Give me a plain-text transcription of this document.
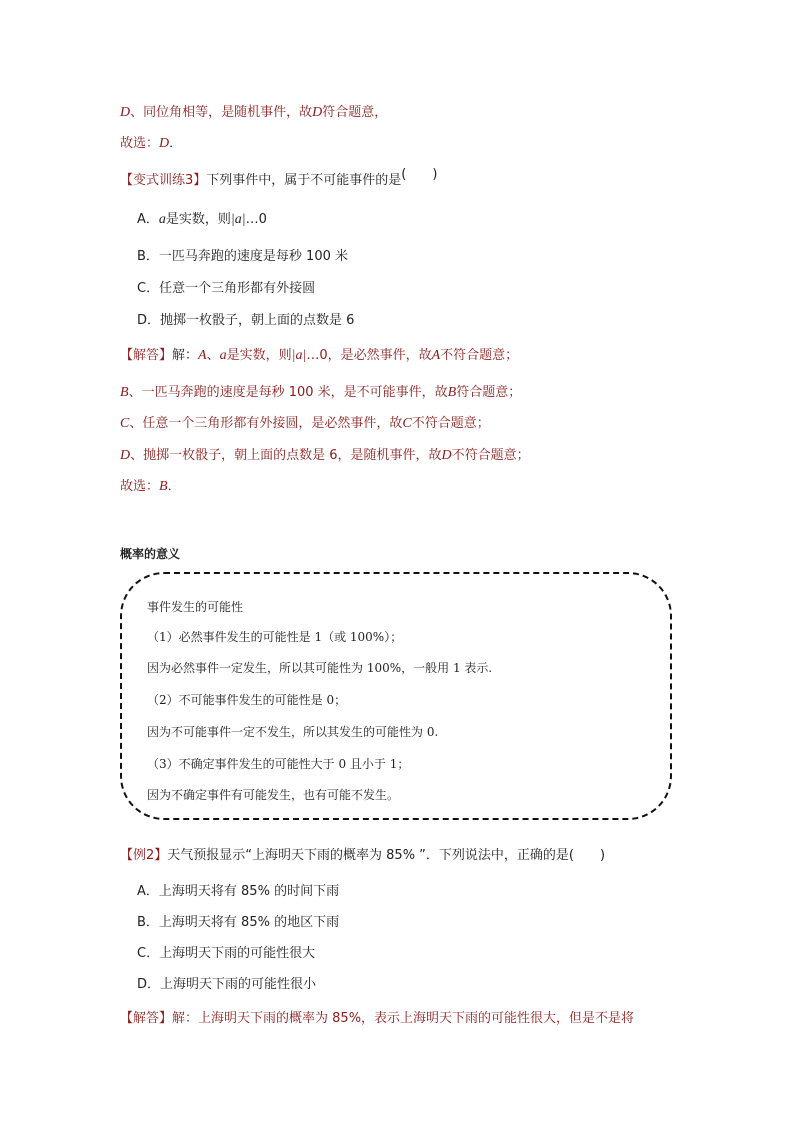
D、同位角相等，是随机事件，故D符合题意，
故选：D．
【变式训练3】下列事件中，属于不可能事件的是(　　)
A．a是实数，则|a|…0
B．一匹马奔跑的速度是每秒 100 米
C．任意一个三角形都有外接圆
D．抛掷一枚骰子，朝上面的点数是 6
【解答】解：A、a是实数，则|a|…0，是必然事件，故A不符合题意；
B、一匹马奔跑的速度是每秒 100 米，是不可能事件，故B符合题意；
C、任意一个三角形都有外接圆，是必然事件，故C不符合题意；
D、抛掷一枚骰子，朝上面的点数是 6，是随机事件，故D不符合题意；
故选：B．
概率的意义
事件发生的可能性
（1）必然事件发生的可能性是 1（或 100%）；
因为必然事件一定发生，所以其可能性为 100%，一般用 1 表示.
（2）不可能事件发生的可能性是 0；
因为不可能事件一定不发生，所以其发生的可能性为 0.
（3）不确定事件发生的可能性大于 0 且小于 1；
因为不确定事件有可能发生，也有可能不发生。
【例2】天气预报显示“上海明天下雨的概率为 85% ”．下列说法中，正确的是(　　)
A．上海明天将有 85% 的时间下雨
B．上海明天将有 85% 的地区下雨
C．上海明天下雨的可能性很大
D．上海明天下雨的可能性很小
【解答】解：上海明天下雨的概率为 85%，表示上海明天下雨的可能性很大，但是不是将
